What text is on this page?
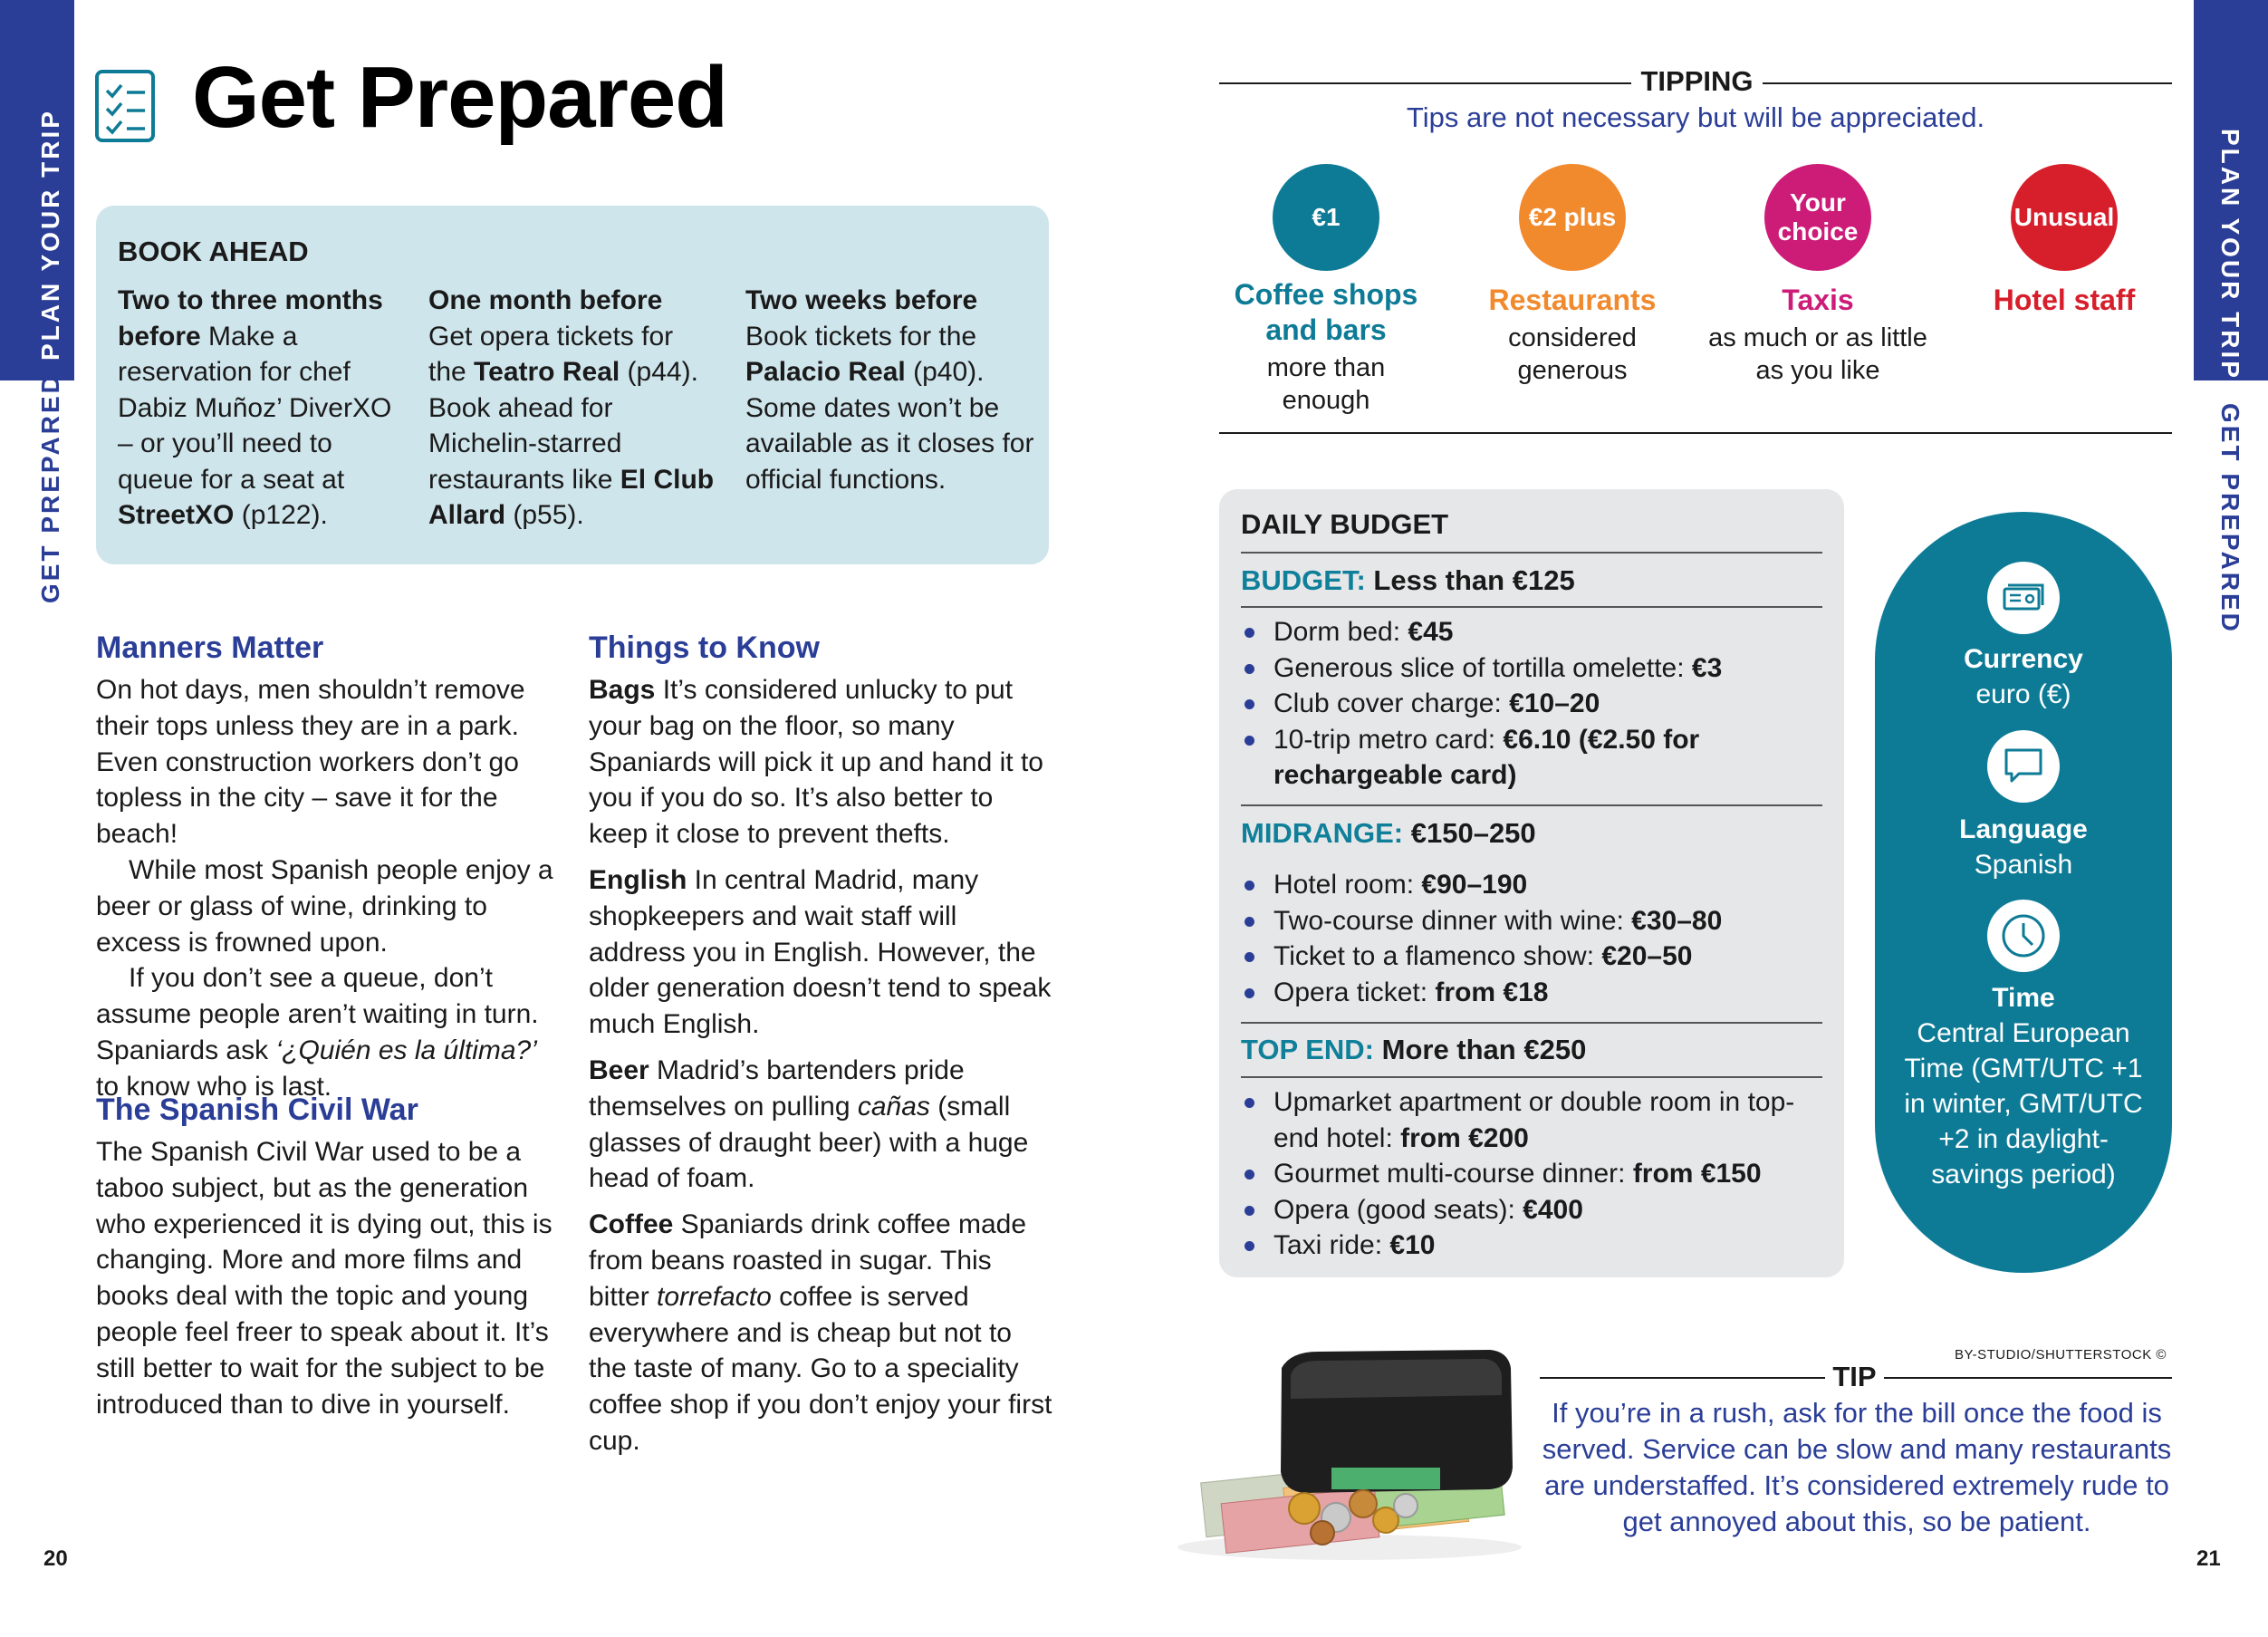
PLAN YOUR TRIP
GET PREPARED
PLAN YOUR TRIP
GET PREPARED
Get Prepared
BOOK AHEAD
Two to three months before Make a reservation for chef Dabiz Muñoz’ DiverXO – or you’ll need to queue for a seat at StreetXO (p122).
One month before
Get opera tickets for the Teatro Real (p44). Book ahead for Michelin-starred restaurants like El Club Allard (p55).
Two weeks before
Book tickets for the Palacio Real (p40). Some dates won’t be available as it closes for official functions.
Manners Matter

On hot days, men shouldn’t remove their tops unless they are in a park. Even construction workers don’t go topless in the city – save it for the beach!

While most Spanish people enjoy a beer or glass of wine, drinking to excess is frowned upon.

If you don’t see a queue, don’t assume people aren’t waiting in turn. Spaniards ask ‘¿Quién es la última?’ to know who is last.

The Spanish Civil War

The Spanish Civil War used to be a taboo subject, but as the generation who experienced it is dying out, this is changing. More and more films and books deal with the topic and young people feel freer to speak about it. It’s still better to wait for the subject to be introduced than to dive in yourself.

Things to Know

Bags It’s considered unlucky to put your bag on the floor, so many Spaniards will pick it up and hand it to you if you do so. It’s also better to keep it close to prevent thefts.

English In central Madrid, many shopkeepers and wait staff will address you in English. However, the older generation doesn’t tend to speak much English.

Beer Madrid’s bartenders pride themselves on pulling cañas (small glasses of draught beer) with a huge head of foam.

Coffee Spaniards drink coffee made from beans roasted in sugar. This bitter torrefacto coffee is served everywhere and is cheap but not to the taste of many. Go to a speciality coffee shop if you don’t enjoy your first cup.

20	21
TIPPING
Tips are not necessary but will be appreciated.
€1	€2 plus
Your choice
Unusual
Coffee shops and bars
more than enough
Restaurants
considered generous
Taxis
as much or as little as you like
Hotel staff
DAILY BUDGET
BUDGET: Less than €125
Dorm bed: €45
Generous slice of tortilla omelette: €3
Club cover charge: €10–20
10-trip metro card: €6.10 (€2.50 for rechargeable card)
MIDRANGE: €150–250
Hotel room: €90–190
Two-course dinner with wine: €30–80
Ticket to a flamenco show: €20–50
Opera ticket: from €18
TOP END: More than €250
Upmarket apartment or double room in top-end hotel: from €200
Gourmet multi-course dinner: from €150
Opera (good seats): €400
Taxi ride: €10
Currency
euro (€)
Language
Spanish
Time
Central European Time (GMT/UTC +1 in winter, GMT/UTC +2 in daylight-savings period)
BY-STUDIO/SHUTTERSTOCK ©
TIP
If you’re in a rush, ask for the bill once the food is served. Service can be slow and many restaurants are understaffed. It’s considered extremely rude to get annoyed about this, so be patient.
